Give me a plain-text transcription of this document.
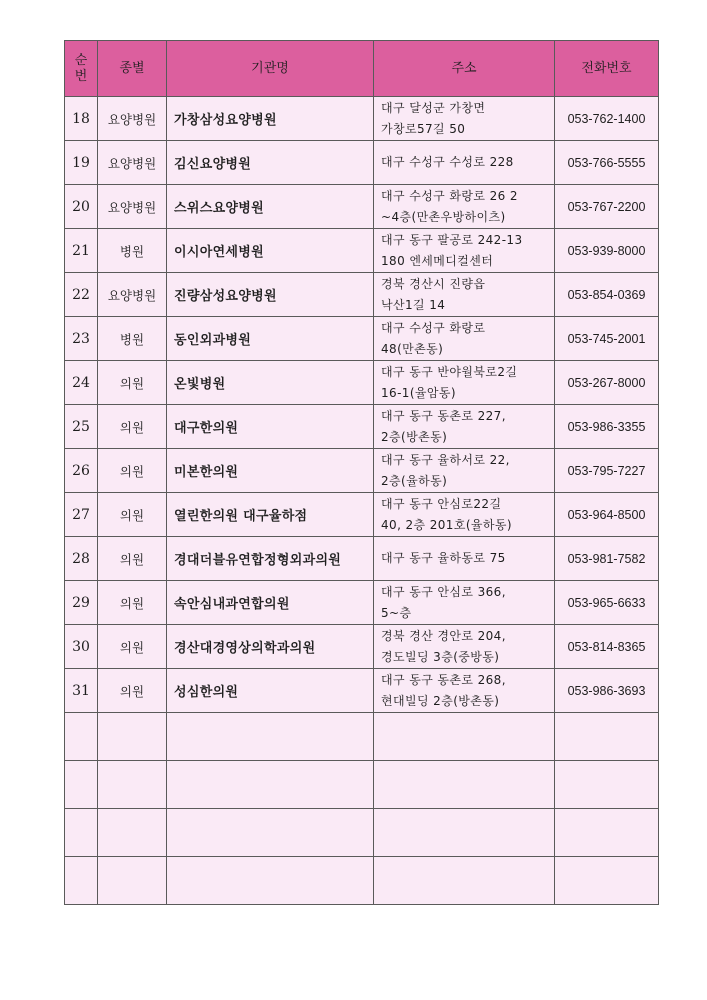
순
번	종별	기관명	주소	전화번호
18	요양병원	가창삼성요양병원	대구 달성군 가창면
가창로57길 50	053-762-1400
19	요양병원	김신요양병원	대구 수성구 수성로 228	053-766-5555
20	요양병원	스위스요양병원	대구 수성구 화랑로 26 2
~4층(만촌우방하이츠)	053-767-2200
21	병원	이시아연세병원	대구 동구 팔공로 242-13
180 엔세메디컬센터	053-939-8000
22	요양병원	진량삼성요양병원	경북 경산시 진량읍
낙산1길 14	053-854-0369
23	병원	동인외과병원	대구 수성구 화랑로
48(만촌동)	053-745-2001
24	의원	온빛병원	대구 동구 반야월북로2길
16-1(율암동)	053-267-8000
25	의원	대구한의원	대구 동구 동촌로 227,
2층(방촌동)	053-986-3355
26	의원	미본한의원	대구 동구 율하서로 22,
2층(율하동)	053-795-7227
27	의원	열린한의원 대구율하점	대구 동구 안심로22길
40, 2층 201호(율하동)	053-964-8500
28	의원	경대더블유연합정형외과의원	대구 동구 율하동로 75	053-981-7582
29	의원	속안심내과연합의원	대구 동구 안심로 366,
5~층	053-965-6633
30	의원	경산대경영상의학과의원	경북 경산 경안로 204,
경도빌딩 3층(중방동)	053-814-8365
31	의원	성심한의원	대구 동구 동촌로 268,
현대빌딩 2층(방촌동)	053-986-3693
